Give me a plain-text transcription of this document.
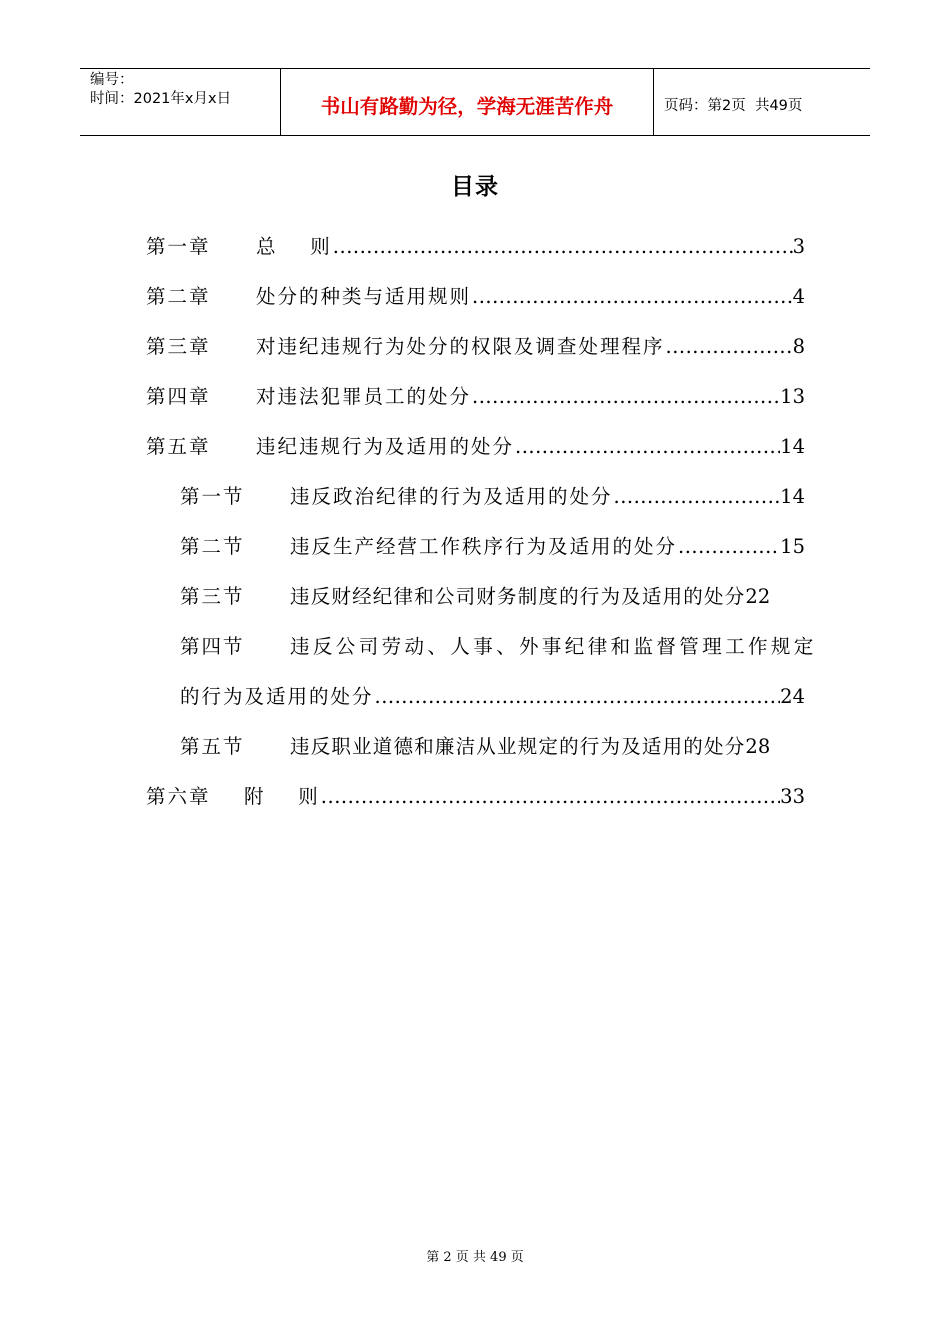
编号：
时间：2021年x月x日	书山有路勤为径，学海无涯苦作舟	页码：第2页  共49页
目录
第一章	总    则 .....	3
第二章	处分的种类与适用规则 .....	4
第三章	对违纪违规行为处分的权限及调查处理程序 .....	8
第四章	对违法犯罪员工的处分 .....	13
第五章	违纪违规行为及适用的处分 .....	14
第一节	违反政治纪律的行为及适用的处分 .....	14
第二节	违反生产经营工作秩序行为及适用的处分 .....	15
第三节	违反财经纪律和公司财务制度的行为及适用的处分 22
第四节	违反公司劳动、人事、外事纪律和监督管理工作规定
的行为及适用的处分 .....	24
第五节	违反职业道德和廉洁从业规定的行为及适用的处分 28
第六章	附    则 .....	33
第 2 页 共 49 页
